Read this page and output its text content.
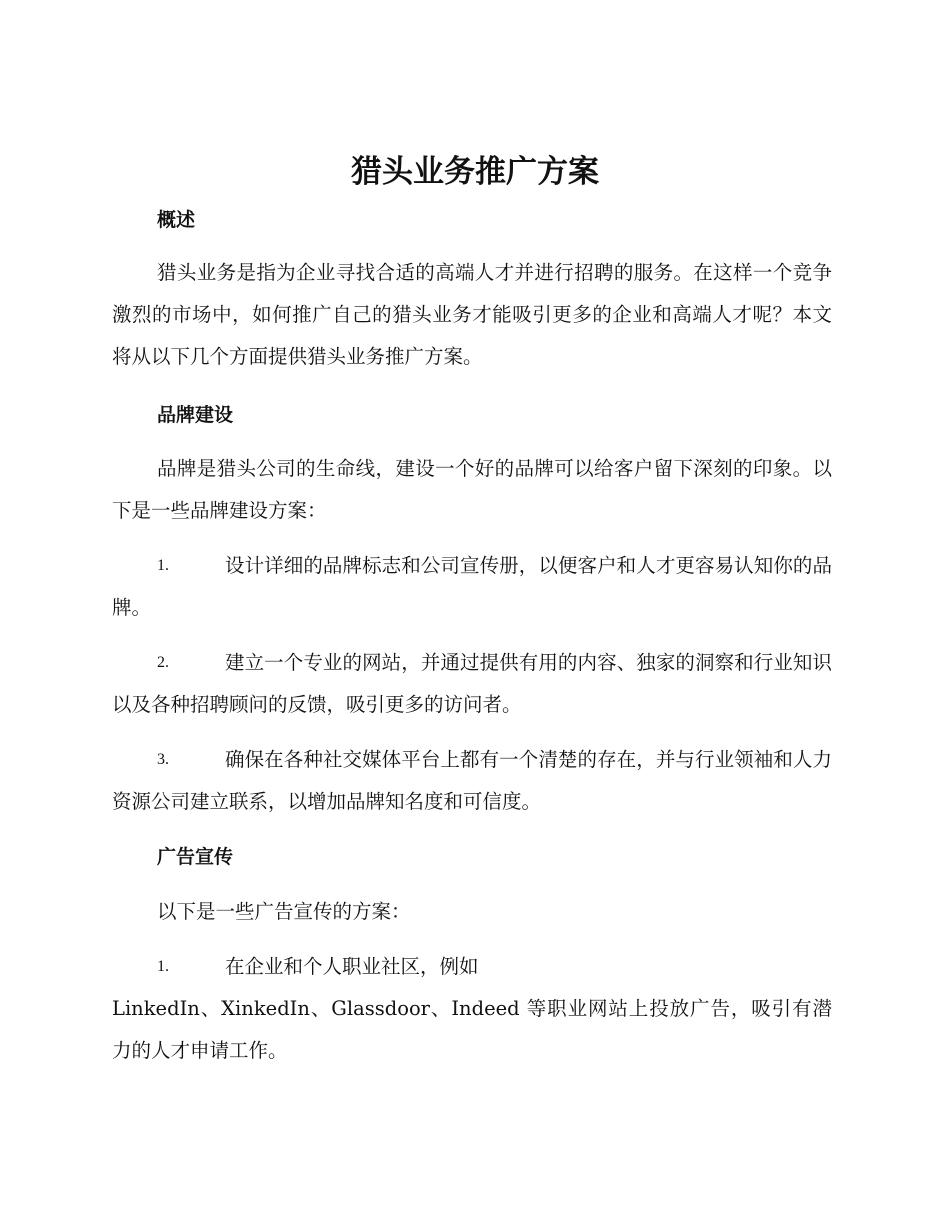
猎头业务推广方案
概述

猎头业务是指为企业寻找合适的高端人才并进行招聘的服务。在这样一个竞争激烈的市场中，如何推广自己的猎头业务才能吸引更多的企业和高端人才呢？本文将从以下几个方面提供猎头业务推广方案。

品牌建设

品牌是猎头公司的生命线，建设一个好的品牌可以给客户留下深刻的印象。以下是一些品牌建设方案：

1.	设计详细的品牌标志和公司宣传册，以便客户和人才更容易认知你的品牌。
2.	建立一个专业的网站，并通过提供有用的内容、独家的洞察和行业知识以及各种招聘顾问的反馈，吸引更多的访问者。
3.	确保在各种社交媒体平台上都有一个清楚的存在，并与行业领袖和人力资源公司建立联系，以增加品牌知名度和可信度。
广告宣传

以下是一些广告宣传的方案：

1.	在企业和个人职业社区，例如
LinkedIn、XinkedIn、Glassdoor、Indeed 等职业网站上投放广告，吸引有潜力的人才申请工作。
